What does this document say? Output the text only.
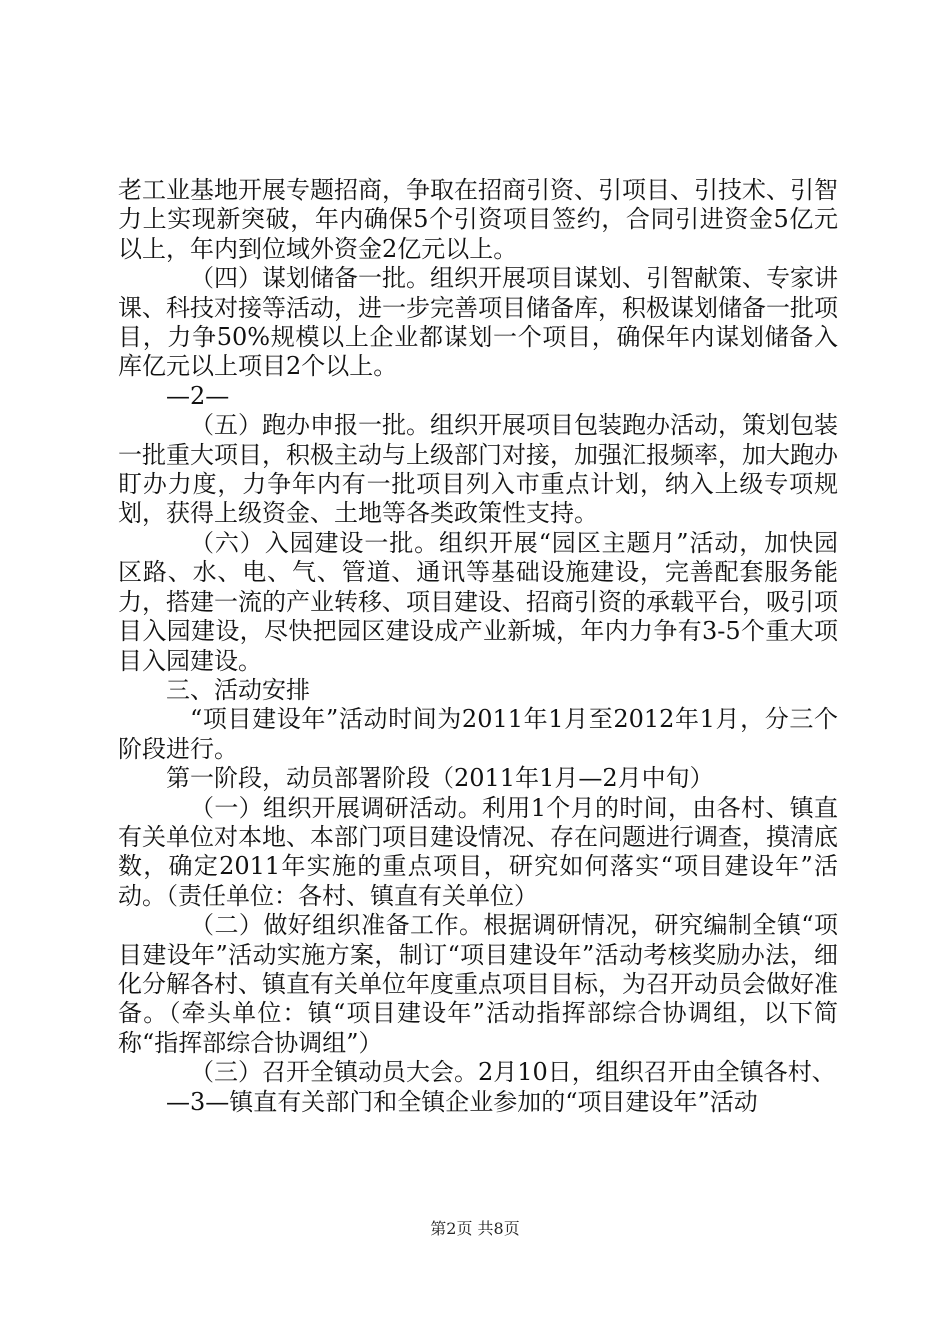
老工业基地开展专题招商，争取在招商引资、引项目、引技术、引智力上实现新突破，年内确保5个引资项目签约，合同引进资金5亿元以上，年内到位域外资金2亿元以上。

（四）谋划储备一批。组织开展项目谋划、引智献策、专家讲课、科技对接等活动，进一步完善项目储备库，积极谋划储备一批项目，力争50%规模以上企业都谋划一个项目，确保年内谋划储备入库亿元以上项目2个以上。

—2—

（五）跑办申报一批。组织开展项目包装跑办活动，策划包装一批重大项目，积极主动与上级部门对接，加强汇报频率，加大跑办盯办力度，力争年内有一批项目列入市重点计划，纳入上级专项规划，获得上级资金、土地等各类政策性支持。

（六）入园建设一批。组织开展“园区主题月”活动，加快园区路、水、电、气、管道、通讯等基础设施建设，完善配套服务能力，搭建一流的产业转移、项目建设、招商引资的承载平台，吸引项目入园建设，尽快把园区建设成产业新城，年内力争有3-5个重大项目入园建设。

三、活动安排

“项目建设年”活动时间为2011年1月至2012年1月，分三个阶段进行。

第一阶段，动员部署阶段（2011年1月—2月中旬）

（一）组织开展调研活动。利用1个月的时间，由各村、镇直有关单位对本地、本部门项目建设情况、存在问题进行调查，摸清底数，确定2011年实施的重点项目，研究如何落实“项目建设年”活动。（责任单位：各村、镇直有关单位）

（二）做好组织准备工作。根据调研情况，研究编制全镇“项目建设年”活动实施方案，制订“项目建设年”活动考核奖励办法，细化分解各村、镇直有关单位年度重点项目目标，为召开动员会做好准备。（牵头单位：镇“项目建设年”活动指挥部综合协调组，以下简称“指挥部综合协调组”）

（三）召开全镇动员大会。2月10日，组织召开由全镇各村、

—3—镇直有关部门和全镇企业参加的“项目建设年”活动

第2页 共8页
